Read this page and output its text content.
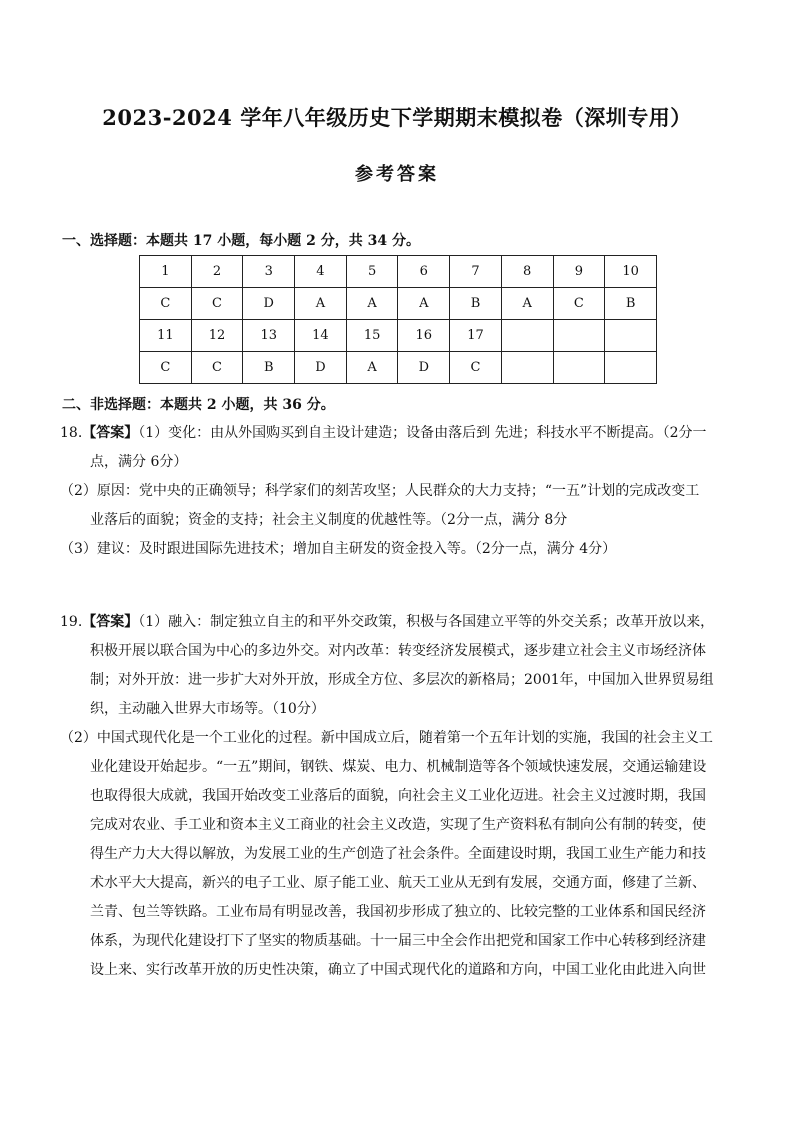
2023-2024 学年八年级历史下学期期末模拟卷（深圳专用）
参考答案
一、选择题：本题共 17 小题，每小题 2 分，共 34 分。
1	2	3	4	5	6	7	8	9	10
C	C	D	A	A	A	B	A	C	B
11	12	13	14	15	16	17			
C	C	B	D	A	D	C			
二、非选择题：本题共 2 小题，共 36 分。
18.【答案】（1）变化：由从外国购买到自主设计建造；设备由落后到 先进；科技水平不断提高。（2分一
点，满分 6分）
（2）原因：党中央的正确领导；科学家们的刻苦攻坚；人民群众的大力支持；“一五”计划的完成改变工
业落后的面貌；资金的支持；社会主义制度的优越性等。（2分一点，满分 8分
（3）建议：及时跟进国际先进技术；增加自主研发的资金投入等。（2分一点，满分 4分）
19.【答案】（1）融入：制定独立自主的和平外交政策，积极与各国建立平等的外交关系；改革开放以来，
积极开展以联合国为中心的多边外交。对内改革：转变经济发展模式，逐步建立社会主义市场经济体
制；对外开放：进一步扩大对外开放，形成全方位、多层次的新格局；2001年，中国加入世界贸易组
织，主动融入世界大市场等。（10分）
（2）中国式现代化是一个工业化的过程。新中国成立后，随着第一个五年计划的实施，我国的社会主义工
业化建设开始起步。“一五”期间，钢铁、煤炭、电力、机械制造等各个领域快速发展，交通运输建设
也取得很大成就，我国开始改变工业落后的面貌，向社会主义工业化迈进。社会主义过渡时期，我国
完成对农业、手工业和资本主义工商业的社会主义改造，实现了生产资料私有制向公有制的转变，使
得生产力大大得以解放，为发展工业的生产创造了社会条件。全面建设时期，我国工业生产能力和技
术水平大大提高，新兴的电子工业、原子能工业、航天工业从无到有发展，交通方面，修建了兰新、
兰青、包兰等铁路。工业布局有明显改善，我国初步形成了独立的、比较完整的工业体系和国民经济
体系，为现代化建设打下了坚实的物质基础。十一届三中全会作出把党和国家工作中心转移到经济建
设上来、实行改革开放的历史性决策，确立了中国式现代化的道路和方向，中国工业化由此进入向世
